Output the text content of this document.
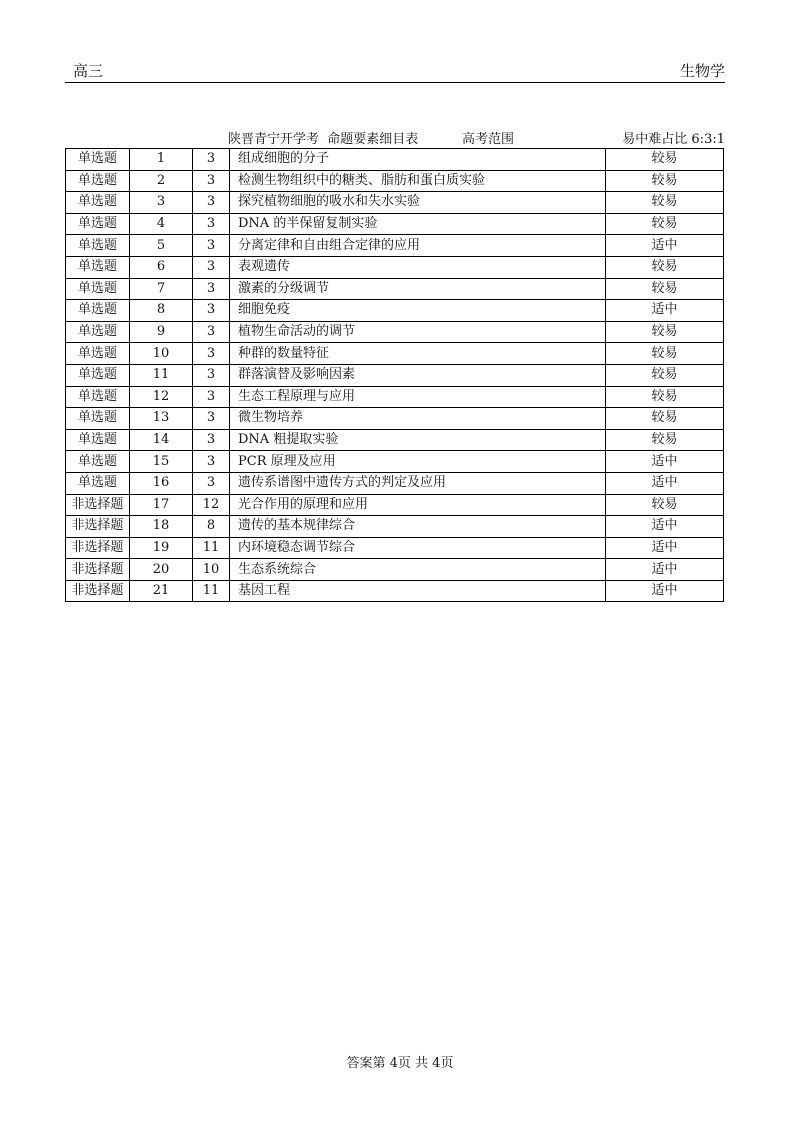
高三	生物学
陕晋青宁开学考  命题要素细目表	高考范围	易中难占比 6:3:1
单选题	1	3	组成细胞的分子	较易
单选题	2	3	检测生物组织中的糖类、脂肪和蛋白质实验	较易
单选题	3	3	探究植物细胞的吸水和失水实验	较易
单选题	4	3	DNA 的半保留复制实验	较易
单选题	5	3	分离定律和自由组合定律的应用	适中
单选题	6	3	表观遗传	较易
单选题	7	3	激素的分级调节	较易
单选题	8	3	细胞免疫	适中
单选题	9	3	植物生命活动的调节	较易
单选题	10	3	种群的数量特征	较易
单选题	11	3	群落演替及影响因素	较易
单选题	12	3	生态工程原理与应用	较易
单选题	13	3	微生物培养	较易
单选题	14	3	DNA 粗提取实验	较易
单选题	15	3	PCR 原理及应用	适中
单选题	16	3	遗传系谱图中遗传方式的判定及应用	适中
非选择题	17	12	光合作用的原理和应用	较易
非选择题	18	8	遗传的基本规律综合	适中
非选择题	19	11	内环境稳态调节综合	适中
非选择题	20	10	生态系统综合	适中
非选择题	21	11	基因工程	适中
答案第 4页 共 4页
